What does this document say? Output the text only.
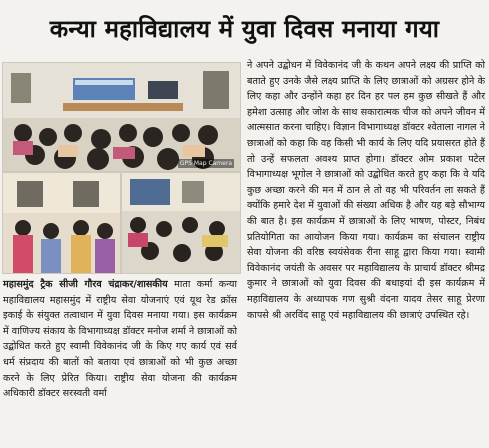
कन्या महाविद्यालय में युवा दिवस मनाया गया
GPS Map Camera
महासमुंद ट्रैक सीजी गौरव चंद्राकर/शासकीय माता कर्मा कन्या महाविद्यालय महासमुंद में राष्ट्रीय सेवा योजनाएं एवं यूथ रेड क्रॉस इकाई के संयुक्त तत्वाधान में युवा दिवस मनाया गया। इस कार्यक्रम में वाणिज्य संकाय के विभागाध्यक्ष डॉक्टर मनोज शर्मा ने छात्राओं को उद्बोधित करते हुए स्वामी विवेकानंद जी के किए गए कार्य एवं सर्व धर्म संप्रदाय की बातों को बताया एवं छात्राओं को भी कुछ अच्छा करने के लिए प्रेरित किया। राष्ट्रीय सेवा योजना की कार्यक्रम अधिकारी डॉक्टर सरस्वती वर्मा
ने अपने उद्बोधन में विवेकानंद जी के कथन अपने लक्ष्य की प्राप्ति को बताते हुए उनके जैसे लक्ष्य प्राप्ति के लिए छात्राओं को अग्रसर होने के लिए कहा और उन्होंने कहा हर दिन हर पल हम कुछ सीखते हैं और हमेशा उत्साह और जोश के साथ सकारात्मक चीज को अपने जीवन में आत्मसात करना चाहिए। विज्ञान विभागाध्यक्ष डॉक्टर श्वेताला नागल ने छात्राओं को कहा कि वह किसी भी कार्य के लिए यदि प्रयासरत होते हैं तो उन्हें सफलता अवश्य प्राप्त होगा। डॉक्टर ओम प्रकाश पटेल विभागाध्यक्ष भूगोल ने छात्राओं को उद्बोधित करते हुए कहा कि वे यदि कुछ अच्छा करने की मन में ठान ले तो वह भी परिवर्तन ला सकते हैं क्योंकि हमारे देश में युवाओं की संख्या अधिक है और यह बड़े सौभाग्य की बात है। इस कार्यक्रम में छात्राओं के लिए भाषण, पोस्टर, निबंध प्रतियोगिता का आयोजन किया गया। कार्यक्रम का संचालन राष्ट्रीय सेवा योजना की वरिष्ठ स्वयंसेवक रीना साहू द्वारा किया गया। स्वामी विवेकानंद जयंती के अवसर पर महाविद्यालय के प्राचार्य डॉक्टर श्रीमद्र कुमार ने छात्राओं को युवा दिवस की बधाइयां दी इस कार्यक्रम में महाविद्यालय के अध्यापक गण सुश्री वंदना यादव तेसर साहू प्रेरणा कापसे श्री अरविंद साहू एवं महाविद्यालय की छात्राएं उपस्थित रहे।
